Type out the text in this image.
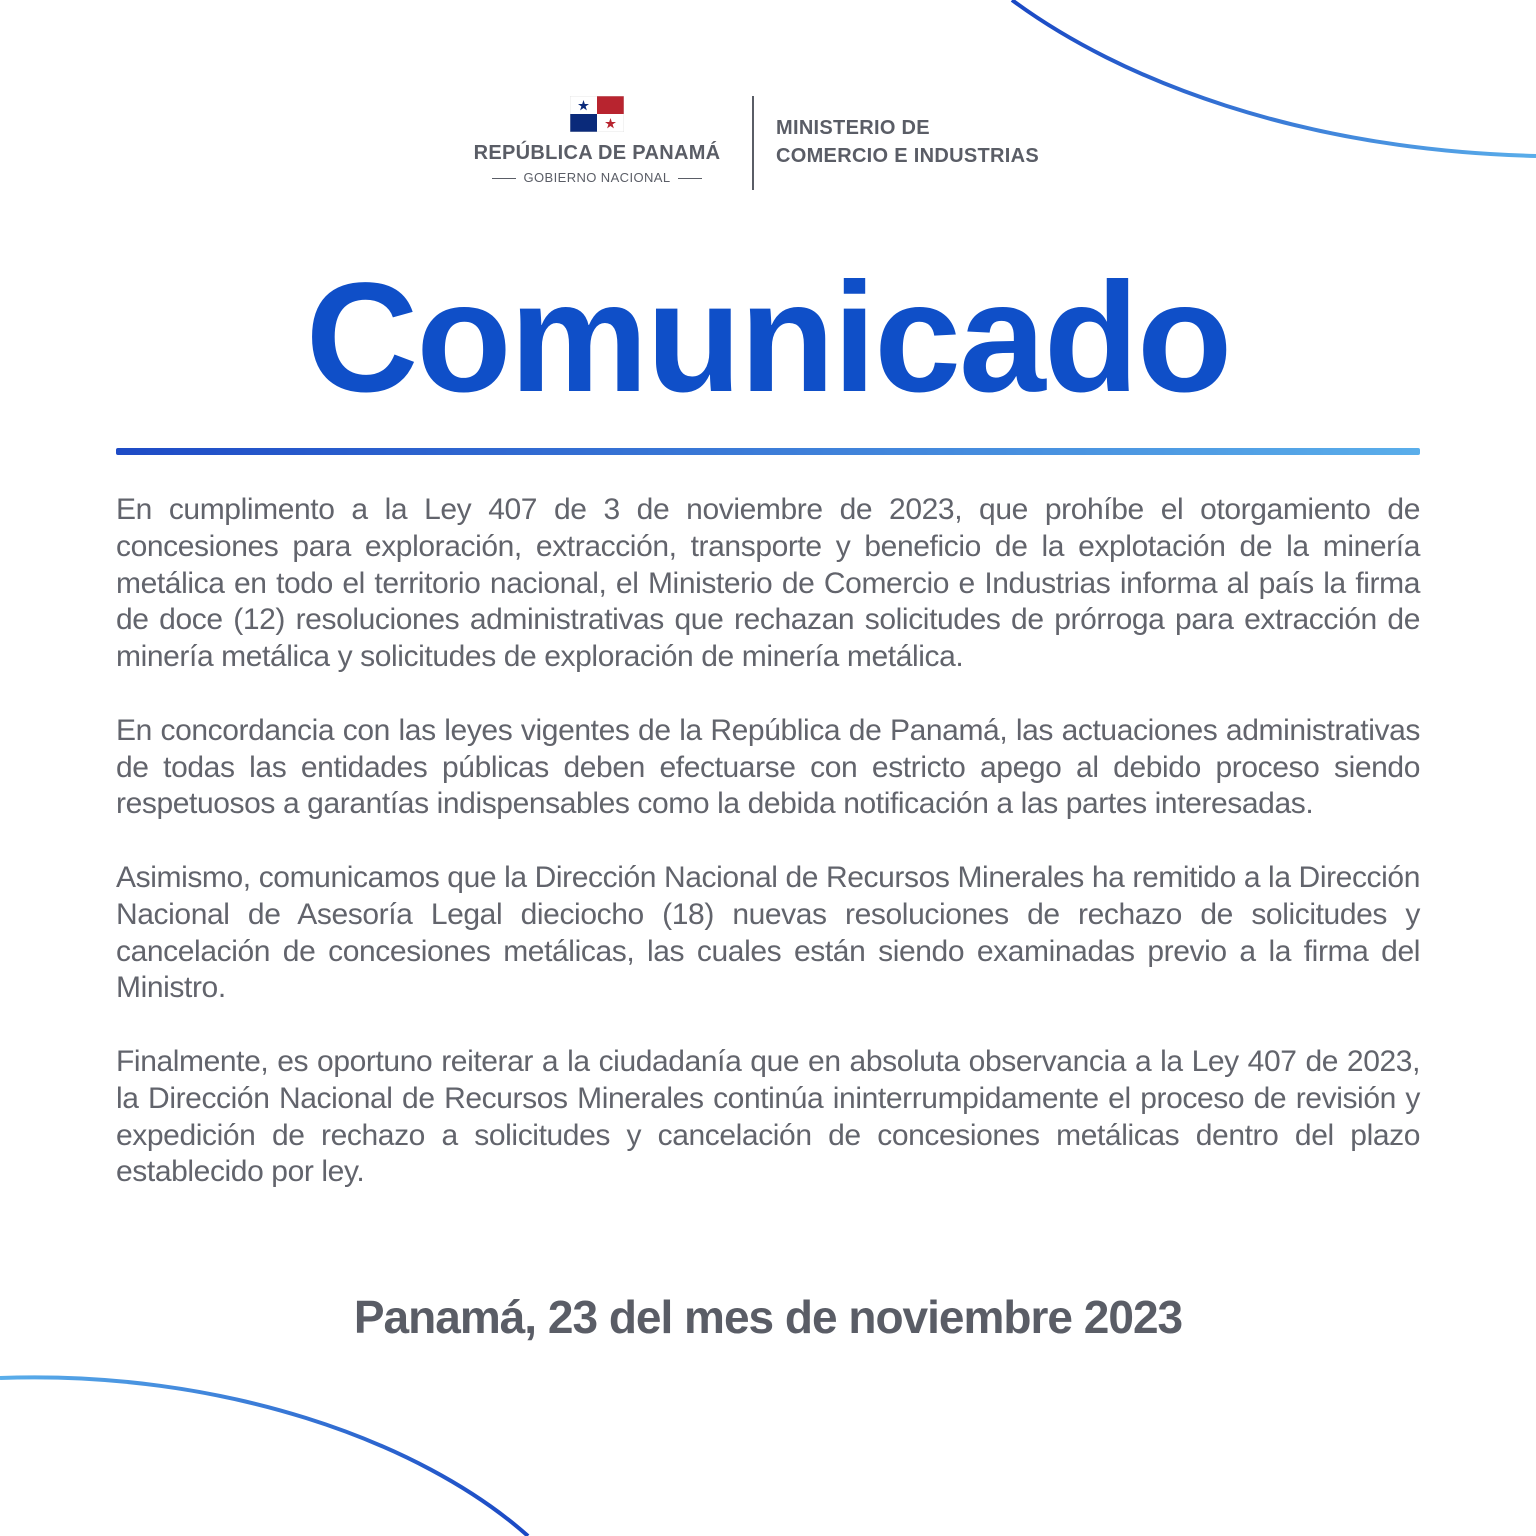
REPÚBLICA DE PANAMÁ
GOBIERNO NACIONAL
MINISTERIO DE
COMERCIO E INDUSTRIAS
Comunicado

En cumplimento a la Ley 407 de 3 de noviembre de 2023, que prohíbe el otorgamiento de concesiones para exploración, extracción, transporte y beneficio de la explotación de la minería metálica en todo el territorio nacional, el Ministerio de Comercio e Industrias informa al país la firma de doce (12) resoluciones administrativas que rechazan solicitudes de prórroga para extracción de minería metálica y solicitudes de exploración de minería metálica.

En concordancia con las leyes vigentes de la República de Panamá, las actuaciones administrativas de todas las entidades públicas deben efectuarse con estricto apego al debido proceso siendo respetuosos a garantías indispensables como la debida notificación a las partes interesadas.

Asimismo, comunicamos que la Dirección Nacional de Recursos Minerales ha remitido a la Dirección Nacional de Asesoría Legal dieciocho (18) nuevas resoluciones de rechazo de solicitudes y cancelación de concesiones metálicas, las cuales están siendo examinadas previo a la firma del Ministro.

Finalmente, es oportuno reiterar a la ciudadanía que en absoluta observancia a la Ley 407 de 2023, la Dirección Nacional de Recursos Minerales continúa ininterrumpidamente el proceso de revisión y expedición de rechazo a solicitudes y cancelación de concesiones metálicas dentro del plazo establecido por ley.

Panamá, 23 del mes de noviembre 2023
